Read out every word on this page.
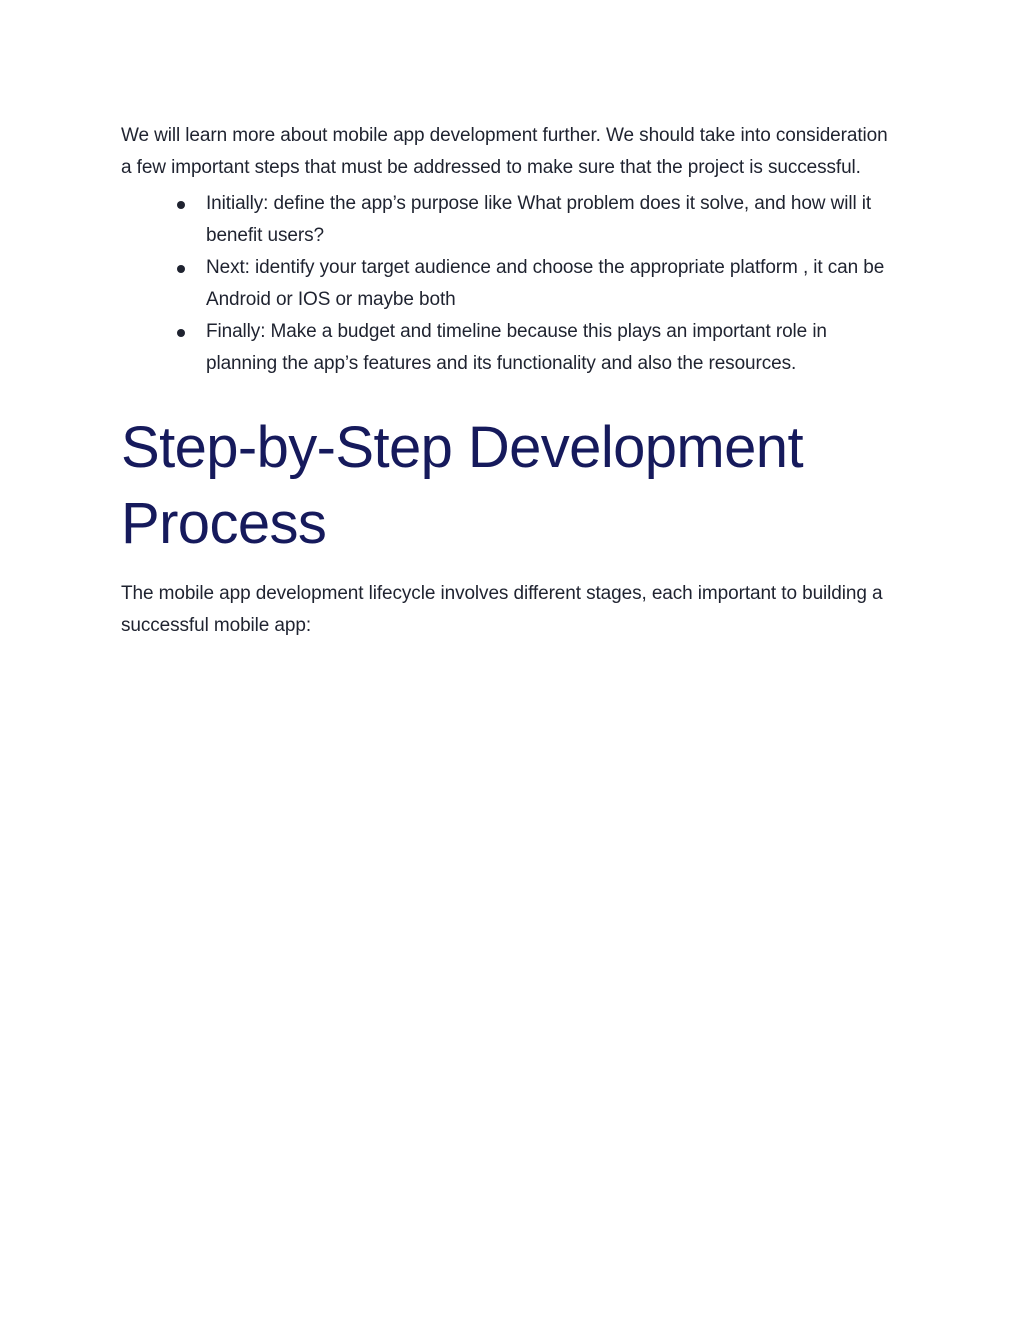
We will learn more about mobile app development further. We should take into consideration a few important steps that must be addressed to make sure that the project is successful.

Initially: define the app’s purpose like What problem does it solve, and how will it benefit users?
Next: identify your target audience and choose the appropriate platform , it can be Android or IOS or maybe both
Finally: Make a budget and timeline because this plays an important role in planning the app’s features and its functionality and also the resources.
Step-by-Step Development Process

The mobile app development lifecycle involves different stages, each important to building a successful mobile app:
